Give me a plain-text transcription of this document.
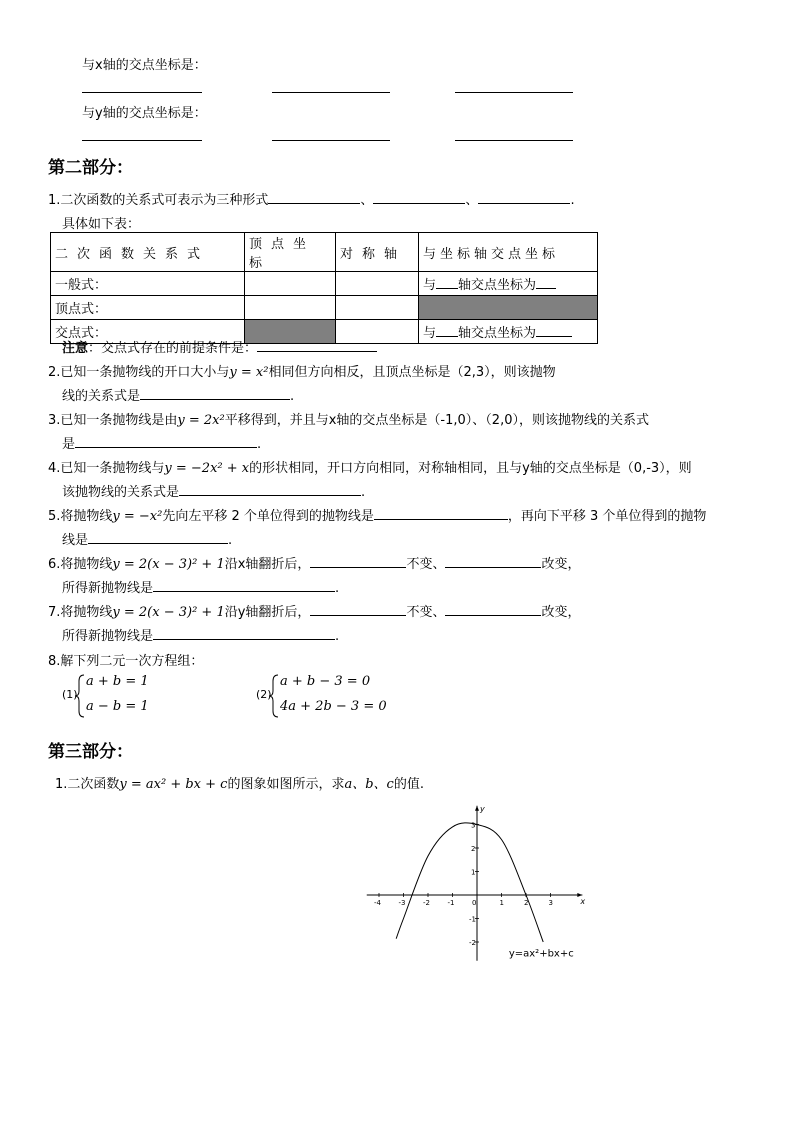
与x轴的交点坐标是：
与y轴的交点坐标是：
第二部分：
1.二次函数的关系式可表示为三种形式	、	、	.
具体如下表：
二次函数关系式	顶点坐标	对称轴	与坐标轴交点坐标
一般式：			与 轴交点坐标为
顶点式：			
交点式：			与 轴交点坐标为
注意：交点式存在的前提条件是：
2.已知一条抛物线的开口大小与y = x²相同但方向相反，且顶点坐标是（2,3），则该抛物
线的关系式是	.
3.已知一条抛物线是由y = 2x²平移得到，并且与x轴的交点坐标是（-1,0）、（2,0），则该抛物线的关系式
是	.
4.已知一条抛物线与y = −2x² + x的形状相同，开口方向相同，对称轴相同，且与y轴的交点坐标是（0,-3），则
该抛物线的关系式是	.
5.将抛物线y = −x²先向左平移 2 个单位得到的抛物线是	，再向下平移 3 个单位得到的抛物
线是	.
6.将抛物线y = 2(x − 3)² + 1沿x轴翻折后，	不变、	改变，
所得新抛物线是	.
7.将抛物线y = 2(x − 3)² + 1沿y轴翻折后，	不变、	改变，
所得新抛物线是	.
8.解下列二元一次方程组：
(1)
a + b = 1
a − b = 1
(2)
a + b − 3 = 0
4a + 2b − 3 = 0
第三部分：
1.二次函数y = ax² + bx + c的图象如图所示，求a、b、c的值.
x
y
-4	-3	-2	-1	0	1	2	3
3
2
1
-1
-2
y=ax²+bx+c
